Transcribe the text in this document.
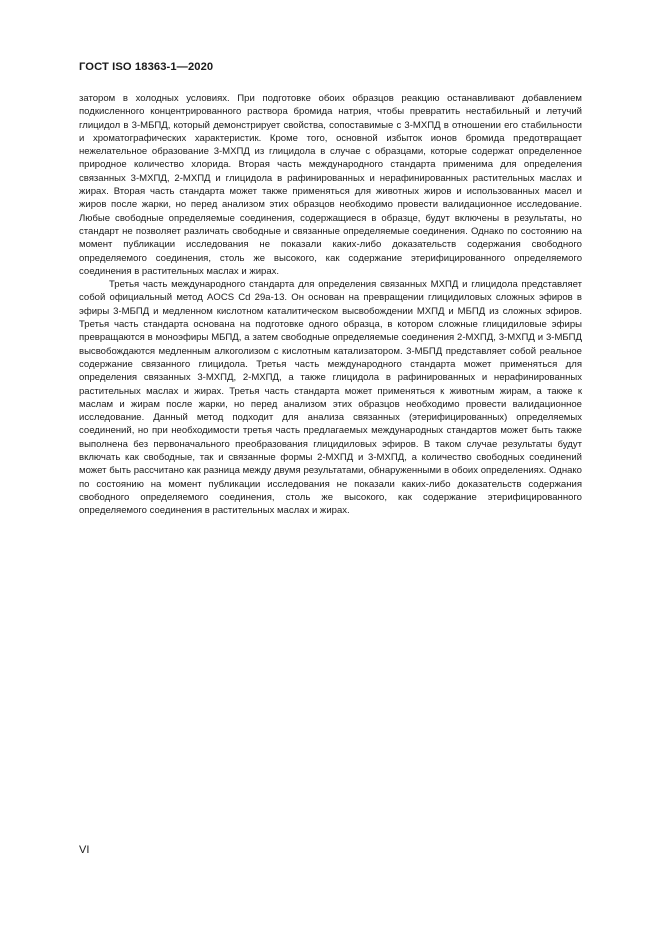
ГОСТ ISO 18363-1—2020

затором в холодных условиях. При подготовке обоих образцов реакцию останавливают добавлением подкисленного концентрированного раствора бромида натрия, чтобы превратить нестабильный и летучий глицидол в 3-МБПД, который демонстрирует свойства, сопоставимые с 3-МХПД в отношении его стабильности и хроматографических характеристик. Кроме того, основной избыток ионов бромида предотвращает нежелательное образование 3-МХПД из глицидола в случае с образцами, которые содержат определенное природное количество хлорида. Вторая часть международного стандарта применима для определения связанных 3-МХПД, 2-МХПД и глицидола в рафинированных и нерафинированных растительных маслах и жирах. Вторая часть стандарта может также применяться для животных жиров и использованных масел и жиров после жарки, но перед анализом этих образцов необходимо провести валидационное исследование. Любые свободные определяемые соединения, содержащиеся в образце, будут включены в результаты, но стандарт не позволяет различать свободные и связанные определяемые соединения. Однако по состоянию на момент публикации исследования не показали каких-либо доказательств содержания свободного определяемого соединения, столь же высокого, как содержание этерифицированного определяемого соединения в растительных маслах и жирах.

Третья часть международного стандарта для определения связанных МХПД и глицидола представляет собой официальный метод AOCS Cd 29a-13. Он основан на превращении глицидиловых сложных эфиров в эфиры 3-МБПД и медленном кислотном каталитическом высвобождении МХПД и МБПД из сложных эфиров. Третья часть стандарта основана на подготовке одного образца, в котором сложные глицидиловые эфиры превращаются в моноэфиры МБПД, а затем свободные определяемые соединения 2-МХПД, 3-МХПД и 3-МБПД высвобождаются медленным алкоголизом с кислотным катализатором. 3-МБПД представляет собой реальное содержание связанного глицидола. Третья часть международного стандарта может применяться для определения связанных 3-МХПД, 2-МХПД, а также глицидола в рафинированных и нерафинированных растительных маслах и жирах. Третья часть стандарта может применяться к животным жирам, а также к маслам и жирам после жарки, но перед анализом этих образцов необходимо провести валидационное исследование. Данный метод подходит для анализа связанных (этерифицированных) определяемых соединений, но при необходимости третья часть предлагаемых международных стандартов может быть также выполнена без первоначального преобразования глицидиловых эфиров. В таком случае результаты будут включать как свободные, так и связанные формы 2-МХПД и 3-МХПД, а количество свободных соединений может быть рассчитано как разница между двумя результатами, обнаруженными в обоих определениях. Однако по состоянию на момент публикации исследования не показали каких-либо доказательств содержания свободного определяемого соединения, столь же высокого, как содержание этерифицированного определяемого соединения в растительных маслах и жирах.

VI
